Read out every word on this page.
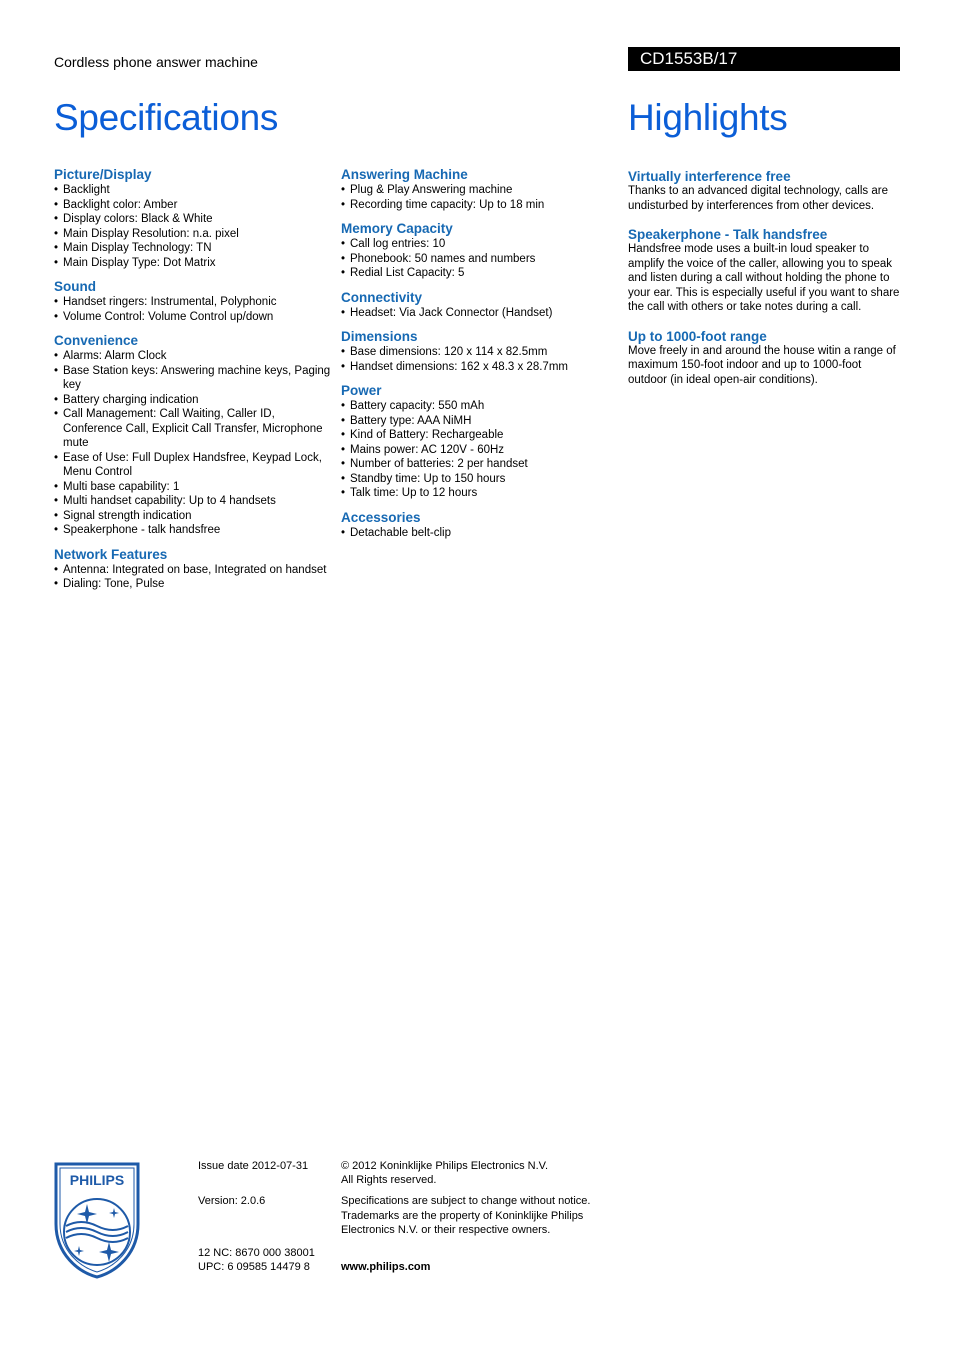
Cordless phone answer machine	CD1553B/17
Specifications	Highlights
Picture/Display
• Backlight
• Backlight color: Amber
• Display colors: Black & White
• Main Display Resolution: n.a. pixel
• Main Display Technology: TN
• Main Display Type: Dot Matrix
Sound
• Handset ringers: Instrumental, Polyphonic
• Volume Control: Volume Control up/down
Convenience
• Alarms: Alarm Clock
• Base Station keys: Answering machine keys, Paging key
• Battery charging indication
• Call Management: Call Waiting, Caller ID, Conference Call, Explicit Call Transfer, Microphone mute
• Ease of Use: Full Duplex Handsfree, Keypad Lock, Menu Control
• Multi base capability: 1
• Multi handset capability: Up to 4 handsets
• Signal strength indication
• Speakerphone - talk handsfree
Network Features
• Antenna: Integrated on base, Integrated on handset
• Dialing: Tone, Pulse
Answering Machine
• Plug & Play Answering machine
• Recording time capacity: Up to 18 min
Memory Capacity
• Call log entries: 10
• Phonebook: 50 names and numbers
• Redial List Capacity: 5
Connectivity
• Headset: Via Jack Connector (Handset)
Dimensions
• Base dimensions: 120 x 114 x 82.5mm
• Handset dimensions: 162 x 48.3 x 28.7mm
Power
• Battery capacity: 550 mAh
• Battery type: AAA NiMH
• Kind of Battery: Rechargeable
• Mains power: AC 120V - 60Hz
• Number of batteries: 2 per handset
• Standby time: Up to 150 hours
• Talk time: Up to 12 hours
Accessories
• Detachable belt-clip
Virtually interference free

Thanks to an advanced digital technology, calls are undisturbed by interferences from other devices.

Speakerphone - Talk handsfree

Handsfree mode uses a built-in loud speaker to amplify the voice of the caller, allowing you to speak and listen during a call without holding the phone to your ear. This is especially useful if you want to share the call with others or take notes during a call.

Up to 1000-foot range

Move freely in and around the house witin a range of maximum 150-foot indoor and up to 1000-foot outdoor (in ideal open-air conditions).

PHILIPS
Issue date 2012-07-31
Version: 2.0.6
12 NC: 8670 000 38001
UPC: 6 09585 14479 8
© 2012 Koninklijke Philips Electronics N.V.
All Rights reserved.
Specifications are subject to change without notice. Trademarks are the property of Koninklijke Philips Electronics N.V. or their respective owners.
www.philips.com
